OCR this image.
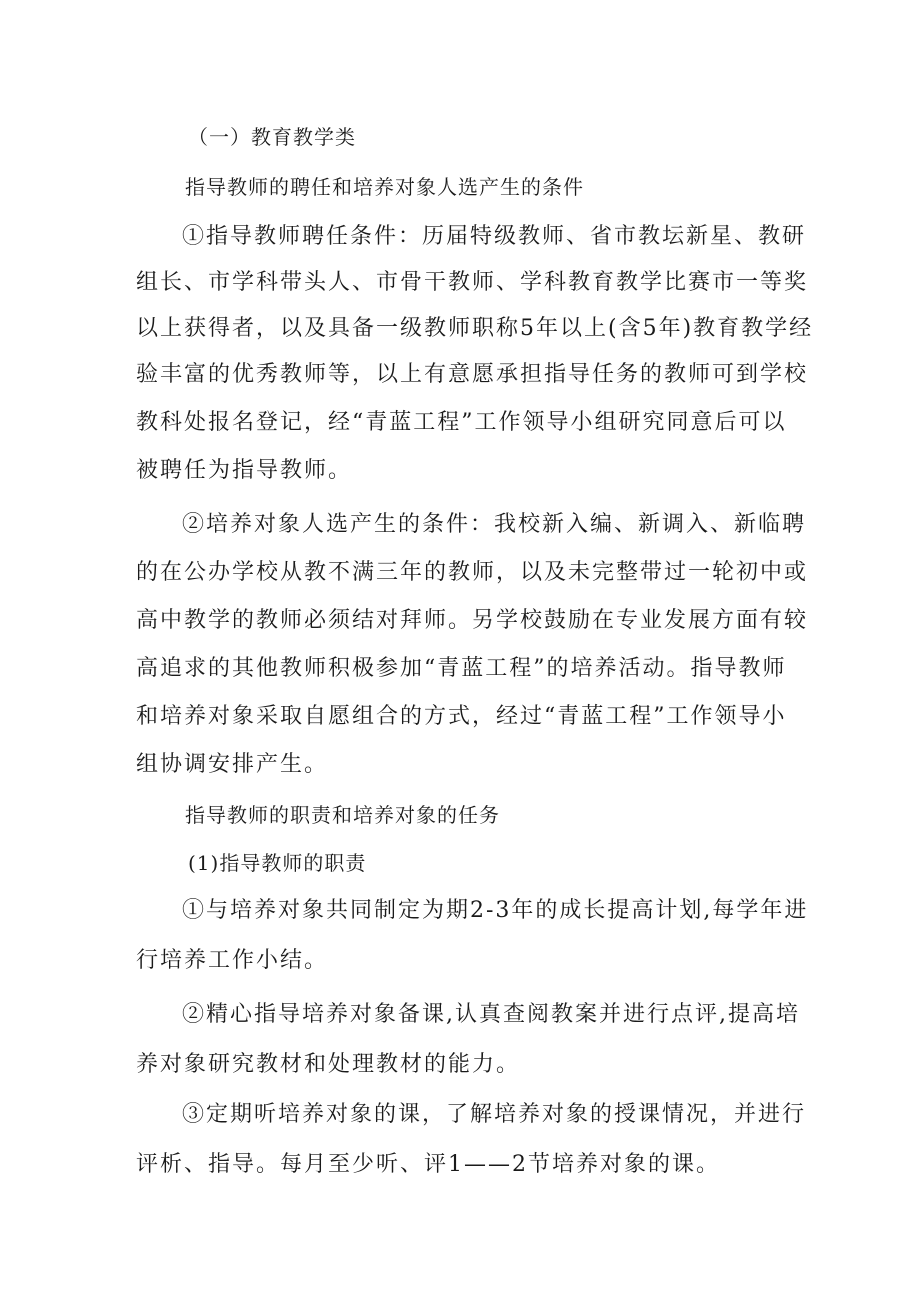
（一）教育教学类
指导教师的聘任和培养对象人选产生的条件
①指导教师聘任条件：历届特级教师、省市教坛新星、教研
组长、市学科带头人、市骨干教师、学科教育教学比赛市一等奖
以上获得者，以及具备一级教师职称5年以上(含5年)教育教学经
验丰富的优秀教师等，以上有意愿承担指导任务的教师可到学校
教科处报名登记，经“青蓝工程”工作领导小组研究同意后可以
被聘任为指导教师。
②培养对象人选产生的条件：我校新入编、新调入、新临聘
的在公办学校从教不满三年的教师，以及未完整带过一轮初中或
高中教学的教师必须结对拜师。另学校鼓励在专业发展方面有较
高追求的其他教师积极参加“青蓝工程”的培养活动。指导教师
和培养对象采取自愿组合的方式，经过“青蓝工程”工作领导小
组协调安排产生。
指导教师的职责和培养对象的任务
(1)指导教师的职责
①与培养对象共同制定为期2-3年的成长提高计划,每学年进
行培养工作小结。
②精心指导培养对象备课,认真查阅教案并进行点评,提高培
养对象研究教材和处理教材的能力。
③定期听培养对象的课，了解培养对象的授课情况，并进行
评析、指导。每月至少听、评1——2节培养对象的课。
